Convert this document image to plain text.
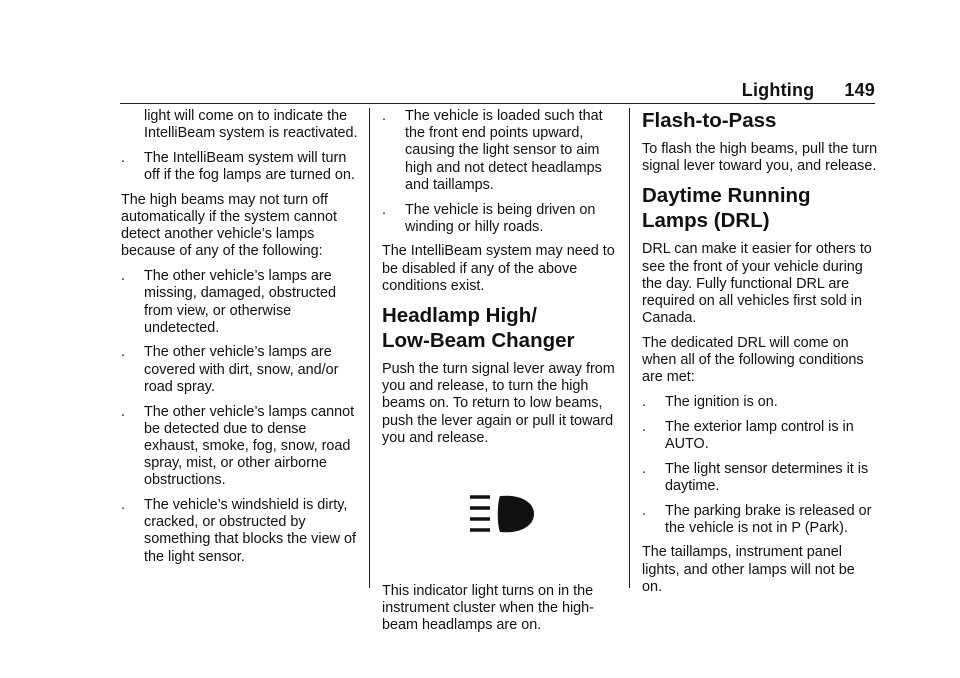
Lighting 149

light will come on to indicate the IntelliBeam system is reactivated.

.	The IntelliBeam system will turn off if the fog lamps are turned on.

The high beams may not turn off automatically if the system cannot detect another vehicle’s lamps because of any of the following:

.	The other vehicle’s lamps are missing, damaged, obstructed from view, or otherwise undetected.
.	The other vehicle’s lamps are covered with dirt, snow, and/or road spray.
.	The other vehicle’s lamps cannot be detected due to dense exhaust, smoke, fog, snow, road spray, mist, or other airborne obstructions.
.	The vehicle’s windshield is dirty, cracked, or obstructed by something that blocks the view of the light sensor.
.	The vehicle is loaded such that the front end points upward, causing the light sensor to aim high and not detect headlamps and taillamps.
.	The vehicle is being driven on winding or hilly roads.

The IntelliBeam system may need to be disabled if any of the above conditions exist.

Headlamp High/
Low-Beam Changer

Push the turn signal lever away from you and release, to turn the high beams on. To return to low beams, push the lever again or pull it toward you and release.

This indicator light turns on in the instrument cluster when the high-beam headlamps are on.

Flash-to-Pass

To flash the high beams, pull the turn signal lever toward you, and release.

Daytime Running
Lamps (DRL)

DRL can make it easier for others to see the front of your vehicle during the day. Fully functional DRL are required on all vehicles first sold in Canada.

The dedicated DRL will come on when all of the following conditions are met:

.	The ignition is on.
.	The exterior lamp control is in AUTO.
.	The light sensor determines it is daytime.
.	The parking brake is released or the vehicle is not in P (Park).

The taillamps, instrument panel lights, and other lamps will not be on.
